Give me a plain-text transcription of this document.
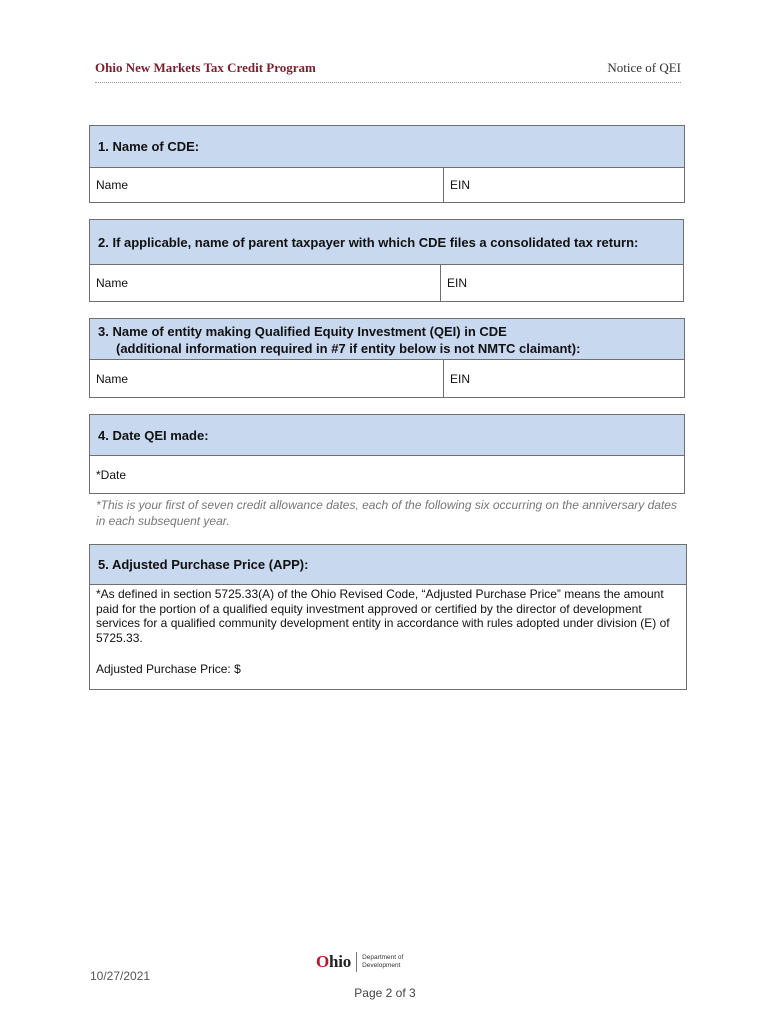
Ohio New Markets Tax Credit Program	Notice of QEI
1. Name of CDE:
Name	EIN
2. If applicable, name of parent taxpayer with which CDE files a consolidated tax return:
Name	EIN
3. Name of entity making Qualified Equity Investment (QEI) in CDE
(additional information required in #7 if entity below is not NMTC claimant):
Name	EIN
4. Date QEI made:
*Date
*This is your first of seven credit allowance dates, each of the following six occurring on the anniversary dates in each subsequent year.
5. Adjusted Purchase Price (APP):

*As defined in section 5725.33(A) of the Ohio Revised Code, “Adjusted Purchase Price” means the amount paid for the portion of a qualified equity investment approved or certified by the director of development services for a qualified community development entity in accordance with rules adopted under division (E) of 5725.33.

Adjusted Purchase Price: $

Ohio Department of
Development
10/27/2021
Page 2 of 3
